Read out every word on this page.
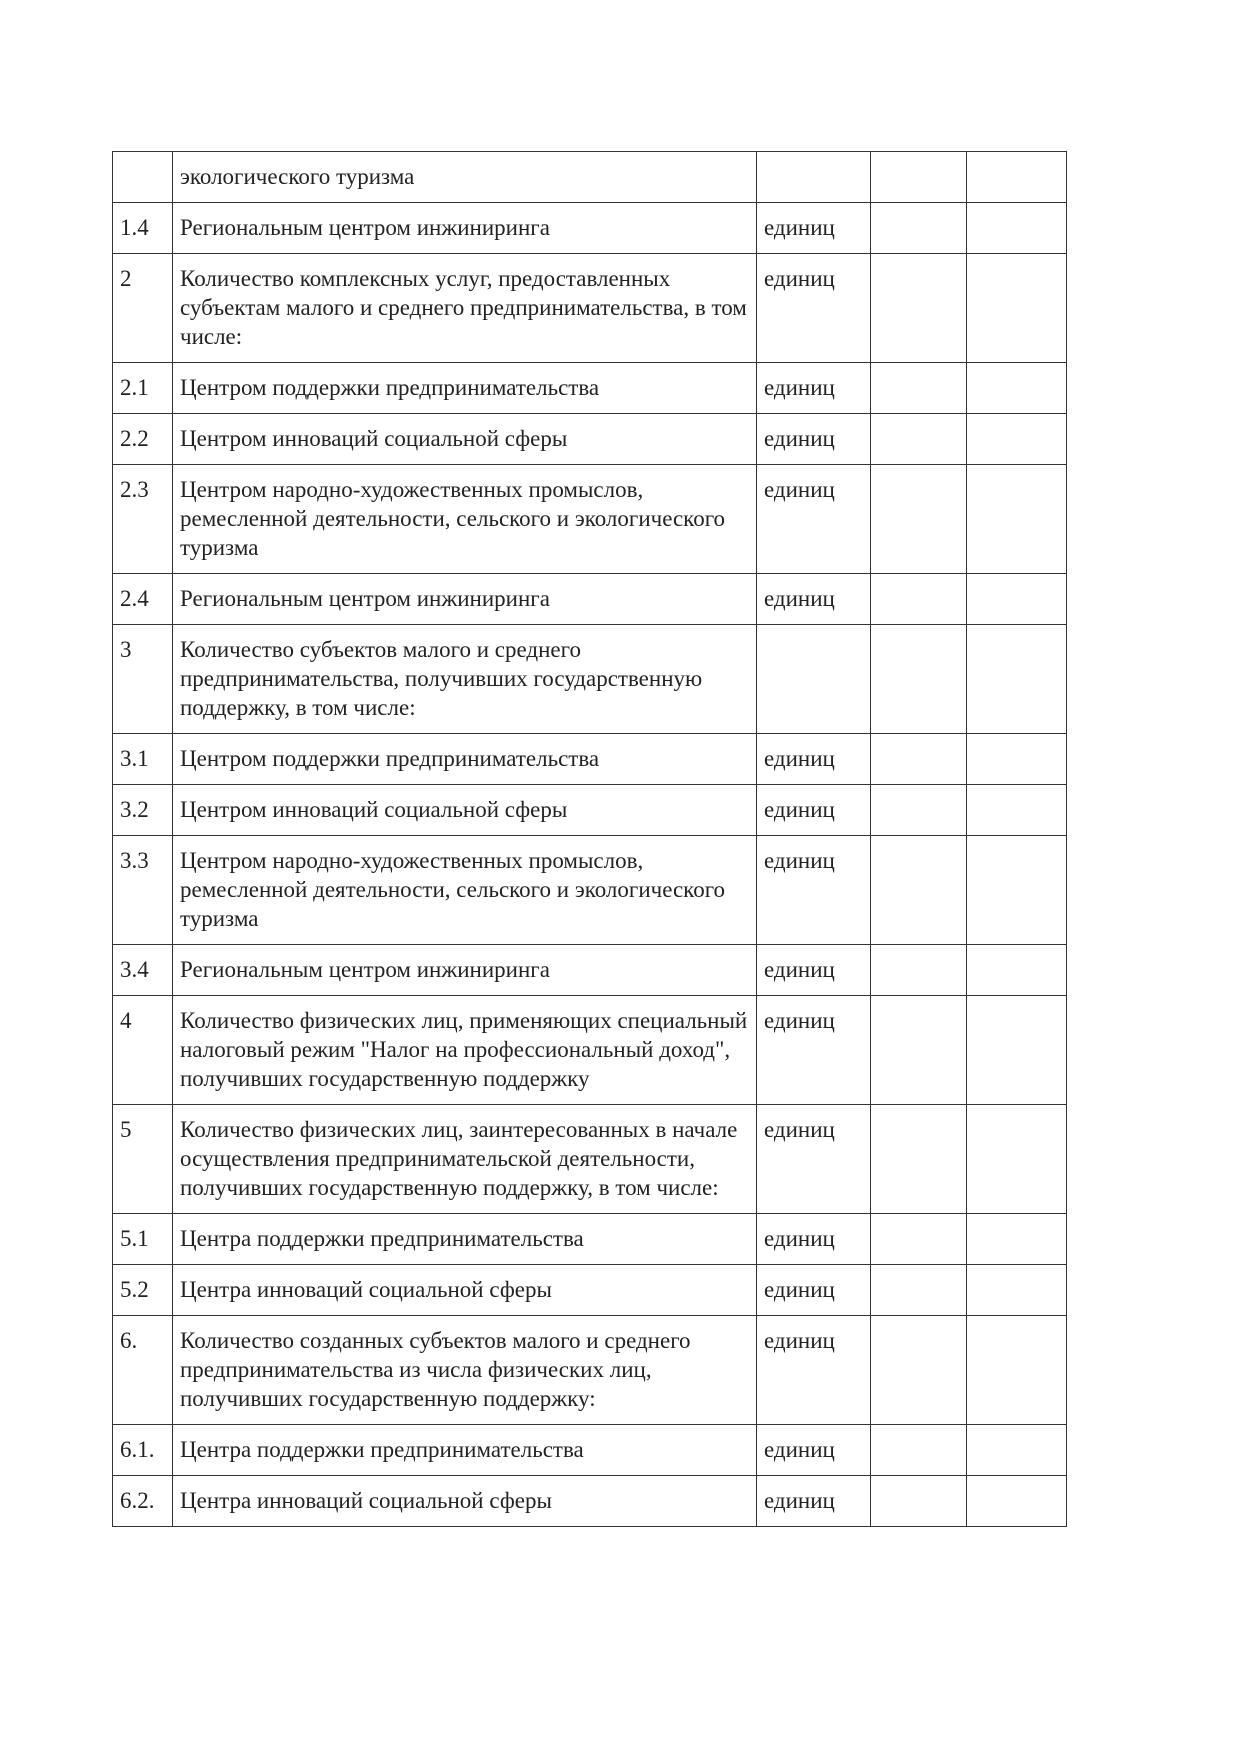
	экологического туризма			
1.4	Региональным центром инжиниринга	единиц		
2	Количество комплексных услуг, предоставленных субъектам малого и среднего предпринимательства, в том числе:	единиц		
2.1	Центром поддержки предпринимательства	единиц		
2.2	Центром инноваций социальной сферы	единиц		
2.3	Центром народно-художественных промыслов, ремесленной деятельности, сельского и экологического туризма	единиц		
2.4	Региональным центром инжиниринга	единиц		
3	Количество субъектов малого и среднего предпринимательства, получивших государственную поддержку, в том числе:			
3.1	Центром поддержки предпринимательства	единиц		
3.2	Центром инноваций социальной сферы	единиц		
3.3	Центром народно-художественных промыслов, ремесленной деятельности, сельского и экологического туризма	единиц		
3.4	Региональным центром инжиниринга	единиц		
4	Количество физических лиц, применяющих специальный налоговый режим "Налог на профессиональный доход", получивших государственную поддержку	единиц		
5	Количество физических лиц, заинтересованных в начале осуществления предпринимательской деятельности, получивших государственную поддержку, в том числе:	единиц		
5.1	Центра поддержки предпринимательства	единиц		
5.2	Центра инноваций социальной сферы	единиц		
6.	Количество созданных субъектов малого и среднего предпринимательства из числа физических лиц, получивших государственную поддержку:	единиц		
6.1.	Центра поддержки предпринимательства	единиц		
6.2.	Центра инноваций социальной сферы	единиц		
